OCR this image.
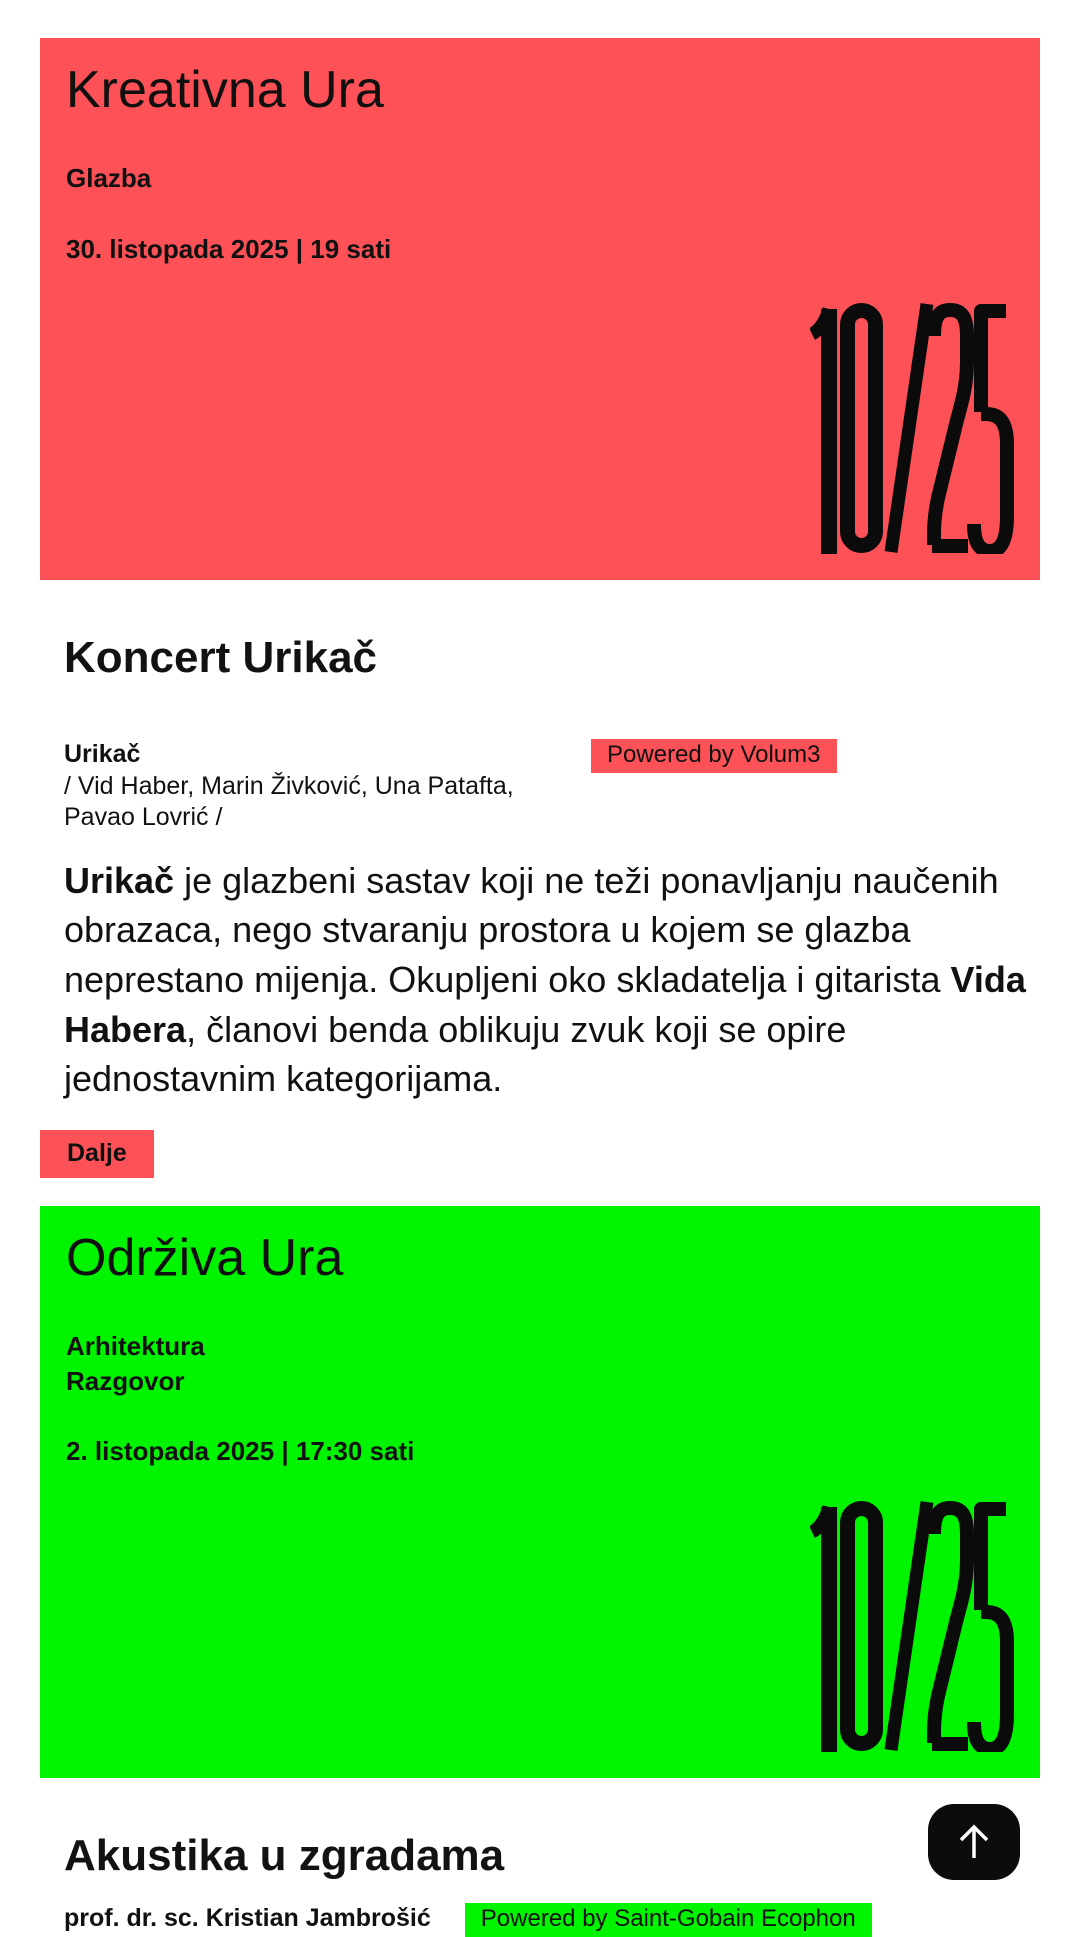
Kreativna Ura
Glazba
30. listopada 2025 | 19 sati
Koncert Urikač
Urikač
/ Vid Haber, Marin Živković, Una Patafta, Pavao Lovrić /
Powered by Volum3

Urikač je glazbeni sastav koji ne teži ponavljanju naučenih obrazaca, nego stvaranju prostora u kojem se glazba neprestano mijenja. Okupljeni oko skladatelja i gitarista Vida Habera, članovi benda oblikuju zvuk koji se opire jednostavnim kategorijama.

Dalje
Održiva Ura
Arhitektura
Razgovor
2. listopada 2025 | 17:30 sati
Akustika u zgradama
prof. dr. sc. Kristian Jambrošić	Powered by Saint-Gobain Ecophon
